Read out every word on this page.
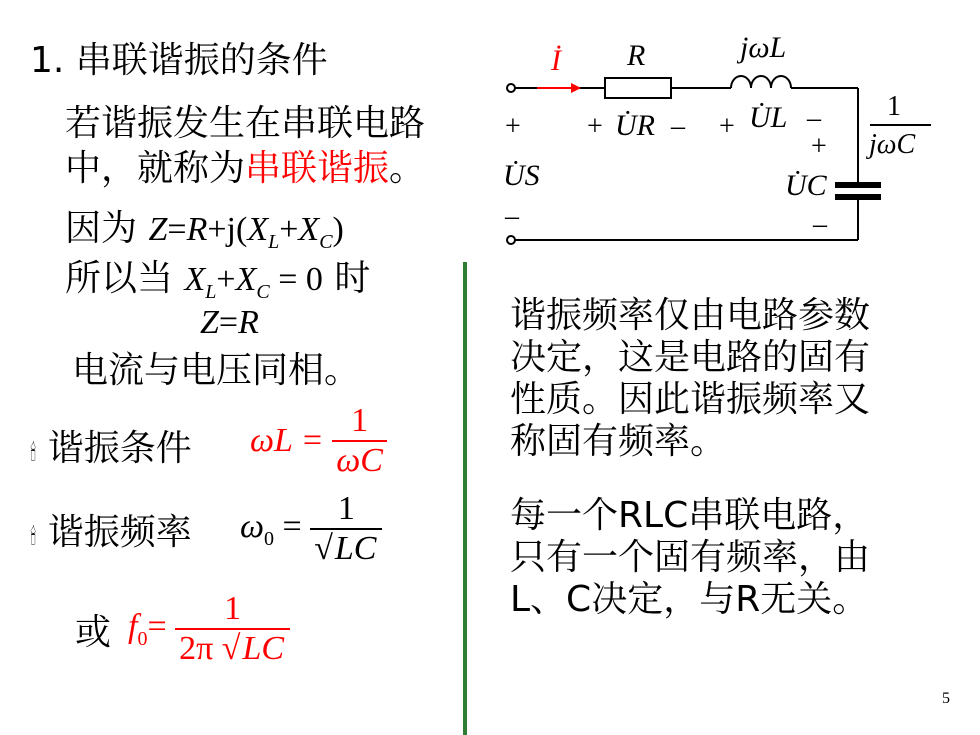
1. 串联谐振的条件
若谐振发生在串联电路
中，就称为串联谐振。
因为 $Z=R+j(X_L+X_C)$
所以当 $X_L+X_C = 0$ 时
Z=R
电流与电压同相。
🕯 谐振条件 $\omega L = \frac{1}{\omega C}$
🕯 谐振频率 $\omega_0 = \frac{1}{√LC}$
或 $f_0= \frac{1}{2\pi √LC}$
İ R	jωL
+
U̇S
–
+ U̇R – + U̇L –
+
U̇C
–
1
jωC
谐振频率仅由电路参数
决定，这是电路的固有
性质。因此谐振频率又
称固有频率。
每一个RLC串联电路，
只有一个固有频率，由
L、C决定，与R无关。
5
